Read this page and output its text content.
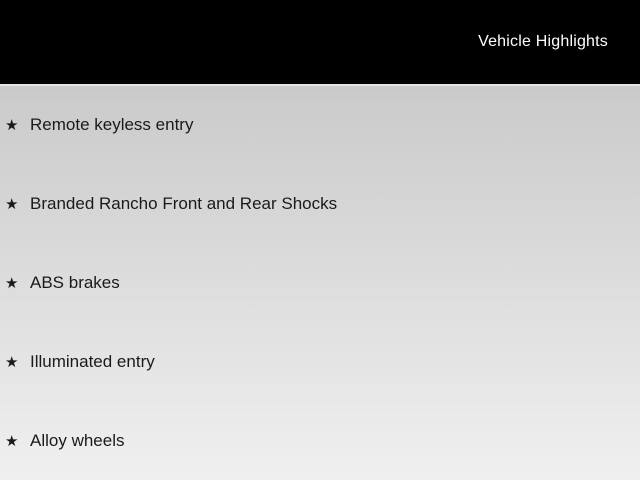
Vehicle Highlights
★ Remote keyless entry
★ Branded Rancho Front and Rear Shocks
★ ABS brakes
★ Illuminated entry
★ Alloy wheels
